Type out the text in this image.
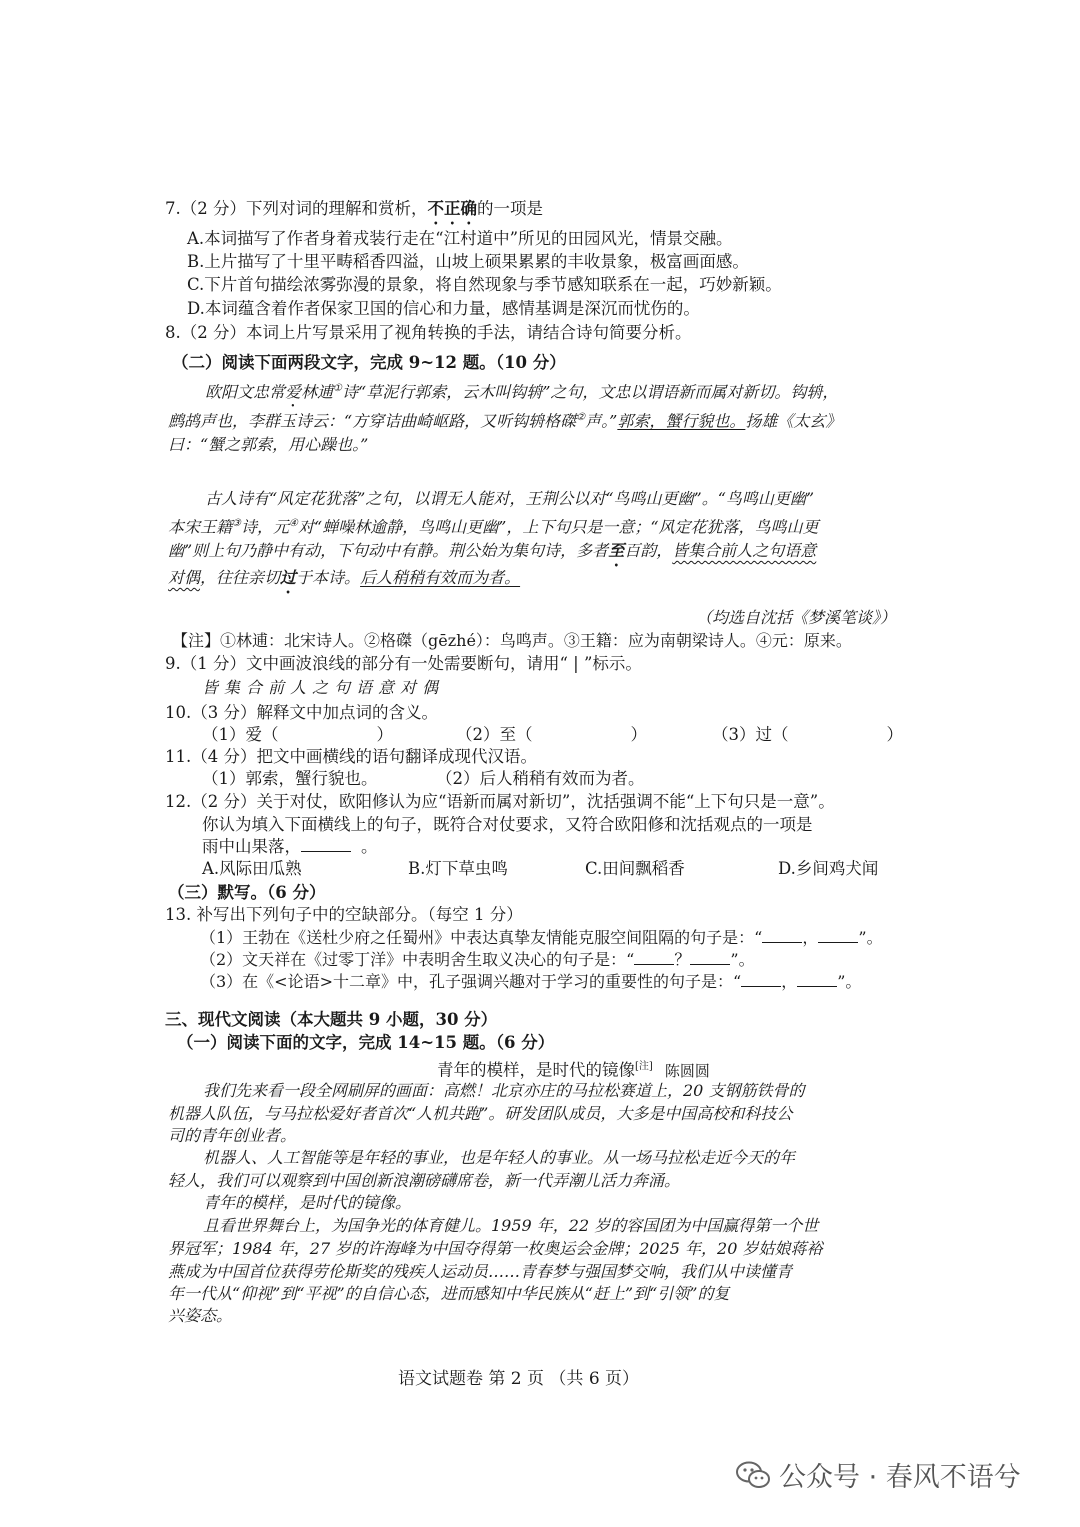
7.（2 分）下列对词的理解和赏析，不正确的一项是
A.本词描写了作者身着戎装行走在“江村道中”所见的田园风光，情景交融。
B.上片描写了十里平畴稻香四溢，山坡上硕果累累的丰收景象，极富画面感。
C.下片首句描绘浓雾弥漫的景象，将自然现象与季节感知联系在一起，巧妙新颖。
D.本词蕴含着作者保家卫国的信心和力量，感情基调是深沉而忧伤的。
8.（2 分）本词上片写景采用了视角转换的手法，请结合诗句简要分析。
（二）阅读下面两段文字，完成 9~12 题。（10 分）
欧阳文忠常爱林逋①诗“草泥行郭索，云木叫钩辀”之句，文忠以谓语新而属对新切。钩辀，
鹧鸪声也，李群玉诗云：“方穿诘曲崎岖路，又听钩辀格磔②声。”郭索，蟹行貌也。扬雄《太玄》
曰：“蟹之郭索，用心躁也。”
古人诗有“风定花犹落”之句，以谓无人能对，王荆公以对“鸟鸣山更幽”。“鸟鸣山更幽”
本宋王籍③诗，元④对“蝉噪林逾静，鸟鸣山更幽”，上下句只是一意；“风定花犹落，鸟鸣山更
幽”则上句乃静中有动，下句动中有静。荆公始为集句诗，多者至百韵，皆集合前人之句语意
对偶，往往亲切过于本诗。后人稍稍有效而为者。
（均选自沈括《梦溪笔谈》）
【注】①林逋：北宋诗人。②格磔（gēzhé）：鸟鸣声。③王籍：应为南朝梁诗人。④元：原来。
9.（1 分）文中画波浪线的部分有一处需要断句，请用“ | ”标示。
皆集合前人之句语意对偶
10.（3 分）解释文中加点词的含义。
（1）爱（	）	（2）至（	）	（3）过（	）
11.（4 分）把文中画横线的语句翻译成现代汉语。
（1）郭索，蟹行貌也。	（2）后人稍稍有效而为者。
12.（2 分）关于对仗，欧阳修认为应“语新而属对新切”，沈括强调不能“上下句只是一意”。
你认为填入下面横线上的句子，既符合对仗要求，又符合欧阳修和沈括观点的一项是
雨中山果落，	。
A.风际田瓜熟	B.灯下草虫鸣	C.田间飘稻香	D.乡间鸡犬闻
（三）默写。（6 分）
13. 补写出下列句子中的空缺部分。（每空 1 分）
（1）王勃在《送杜少府之任蜀州》中表达真挚友情能克服空间阻隔的句子是：“	，	”。
（2）文天祥在《过零丁洋》中表明舍生取义决心的句子是：“	？	”。
（3）在《<论语>十二章》中，孔子强调兴趣对于学习的重要性的句子是：“	，	”。
三、现代文阅读（本大题共 9 小题，30 分）
（一）阅读下面的文字，完成 14~15 题。（6 分）
青年的模样，是时代的镜像[注] 陈圆圆
我们先来看一段全网刷屏的画面：高燃！北京亦庄的马拉松赛道上，20 支钢筋铁骨的
机器人队伍，与马拉松爱好者首次“人机共跑”。研发团队成员，大多是中国高校和科技公
司的青年创业者。
机器人、人工智能等是年轻的事业，也是年轻人的事业。从一场马拉松走近今天的年
轻人，我们可以观察到中国创新浪潮磅礴席卷，新一代弄潮儿活力奔涌。
青年的模样，是时代的镜像。
且看世界舞台上，为国争光的体育健儿。1959 年，22 岁的容国团为中国赢得第一个世
界冠军；1984 年，27 岁的许海峰为中国夺得第一枚奥运会金牌；2025 年，20 岁姑娘蒋裕
燕成为中国首位获得劳伦斯奖的残疾人运动员……青春梦与强国梦交响，我们从中读懂青
年一代从“仰视”到“平视”的自信心态，进而感知中华民族从“赶上”到“引领”的复
兴姿态。
语文试题卷 第 2 页 （共 6 页）
公众号 · 春风不语兮
